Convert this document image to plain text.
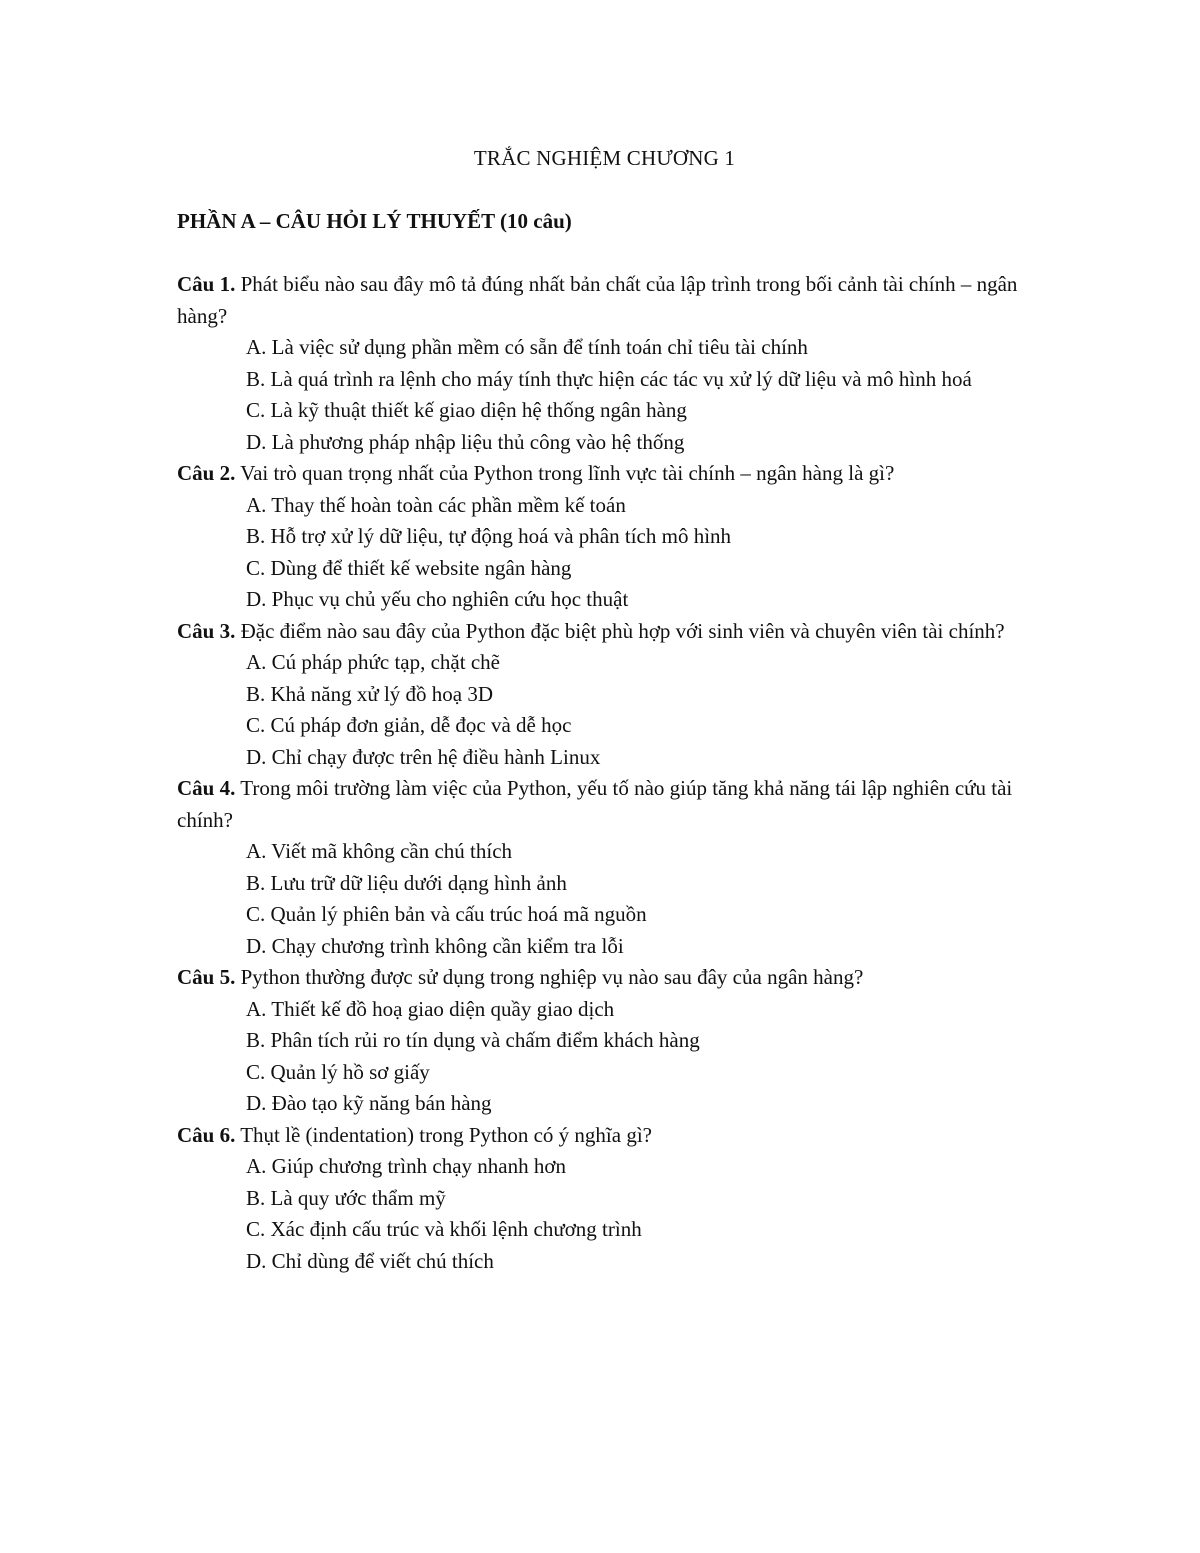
TRẮC NGHIỆM CHƯƠNG 1

PHẦN A – CÂU HỎI LÝ THUYẾT (10 câu)

Câu 1. Phát biểu nào sau đây mô tả đúng nhất bản chất của lập trình trong bối cảnh tài chính – ngân hàng?

A. Là việc sử dụng phần mềm có sẵn để tính toán chỉ tiêu tài chính
B. Là quá trình ra lệnh cho máy tính thực hiện các tác vụ xử lý dữ liệu và mô hình hoá
C. Là kỹ thuật thiết kế giao diện hệ thống ngân hàng
D. Là phương pháp nhập liệu thủ công vào hệ thống

Câu 2. Vai trò quan trọng nhất của Python trong lĩnh vực tài chính – ngân hàng là gì?

A. Thay thế hoàn toàn các phần mềm kế toán
B. Hỗ trợ xử lý dữ liệu, tự động hoá và phân tích mô hình
C. Dùng để thiết kế website ngân hàng
D. Phục vụ chủ yếu cho nghiên cứu học thuật

Câu 3. Đặc điểm nào sau đây của Python đặc biệt phù hợp với sinh viên và chuyên viên tài chính?

A. Cú pháp phức tạp, chặt chẽ
B. Khả năng xử lý đồ hoạ 3D
C. Cú pháp đơn giản, dễ đọc và dễ học
D. Chỉ chạy được trên hệ điều hành Linux

Câu 4. Trong môi trường làm việc của Python, yếu tố nào giúp tăng khả năng tái lập nghiên cứu tài chính?

A. Viết mã không cần chú thích
B. Lưu trữ dữ liệu dưới dạng hình ảnh
C. Quản lý phiên bản và cấu trúc hoá mã nguồn
D. Chạy chương trình không cần kiểm tra lỗi

Câu 5. Python thường được sử dụng trong nghiệp vụ nào sau đây của ngân hàng?

A. Thiết kế đồ hoạ giao diện quầy giao dịch
B. Phân tích rủi ro tín dụng và chấm điểm khách hàng
C. Quản lý hồ sơ giấy
D. Đào tạo kỹ năng bán hàng

Câu 6. Thụt lề (indentation) trong Python có ý nghĩa gì?

A. Giúp chương trình chạy nhanh hơn
B. Là quy ước thẩm mỹ
C. Xác định cấu trúc và khối lệnh chương trình
D. Chỉ dùng để viết chú thích
